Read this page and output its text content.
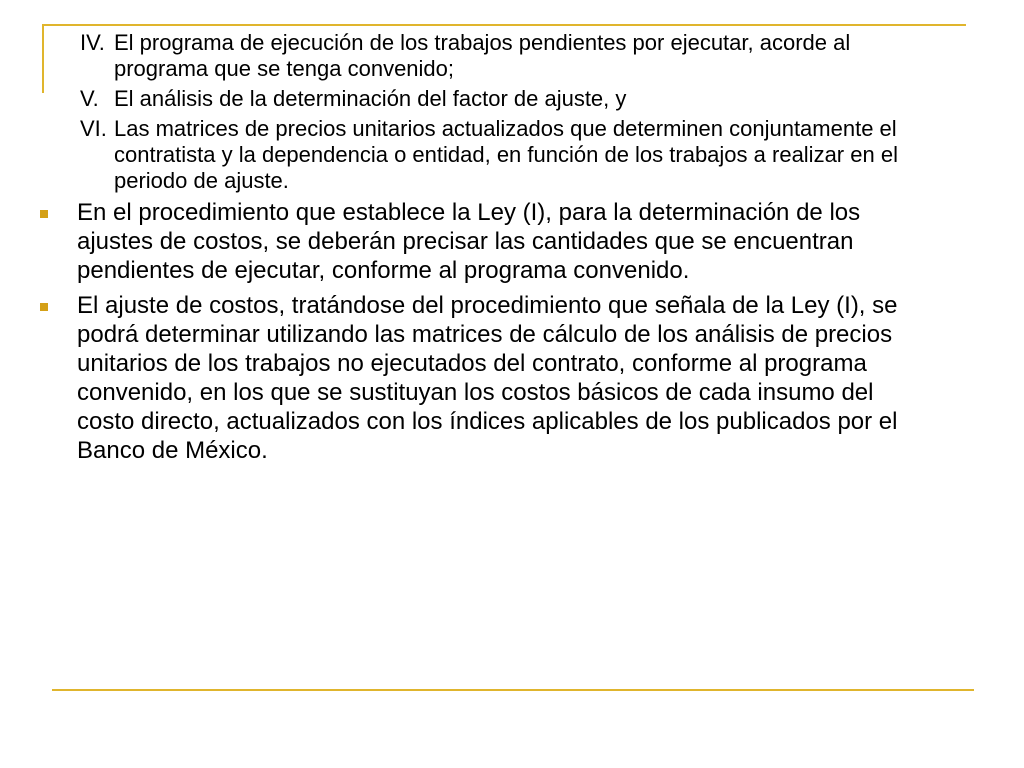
IV. El programa de ejecución de los trabajos pendientes por ejecutar, acorde al programa que se tenga convenido;
V. El análisis de la determinación del factor de ajuste, y
VI. Las matrices de precios unitarios actualizados que determinen conjuntamente el contratista y la dependencia o entidad, en función de los trabajos a realizar en el periodo de ajuste.
En el procedimiento que establece la Ley (I), para la determinación de los ajustes de costos, se deberán precisar las cantidades que se encuentran pendientes de ejecutar, conforme al programa convenido.
El ajuste de costos, tratándose del procedimiento que señala de la Ley (I), se podrá determinar utilizando las matrices de cálculo de los análisis de precios unitarios de los trabajos no ejecutados del contrato, conforme al programa convenido, en los que se sustituyan los costos básicos de cada insumo del costo directo, actualizados con los índices aplicables de los publicados por el Banco de México.
